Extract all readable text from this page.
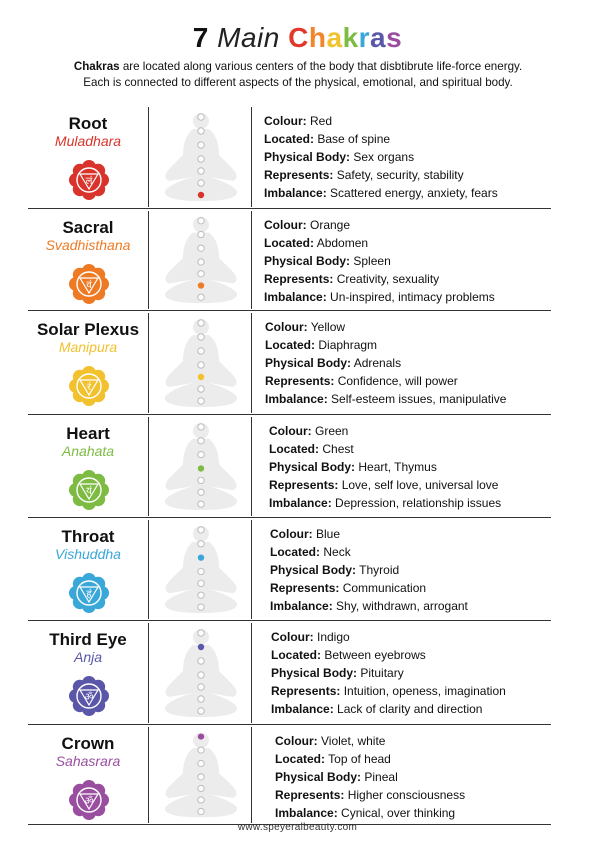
7 Main Chakras
Chakras are located along various centers of the body that disbtibrute life-force energy.
Each is connected to different aspects of the physical, emotional, and spiritual body.
Root
Muladhara
लं
Colour: Red
Located: Base of spine
Physical Body: Sex organs
Represents: Safety, security, stability
Imbalance: Scattered energy, anxiety, fears
Sacral
Svadhisthana
वं
Colour: Orange
Located: Abdomen
Physical Body: Spleen
Represents: Creativity, sexuality
Imbalance: Un-inspired, intimacy problems
Solar Plexus
Manipura
रं
Colour: Yellow
Located: Diaphragm
Physical Body: Adrenals
Represents: Confidence, will power
Imbalance: Self-esteem issues, manipulative
Heart
Anahata
यं
Colour: Green
Located: Chest
Physical Body: Heart, Thymus
Represents: Love, self love, universal love
Imbalance: Depression, relationship issues
Throat
Vishuddha
हं
Colour: Blue
Located: Neck
Physical Body: Thyroid
Represents: Communication
Imbalance: Shy, withdrawn, arrogant
Third Eye
Anja
ॐ
Colour: Indigo
Located: Between eyebrows
Physical Body: Pituitary
Represents: Intuition, openess, imagination
Imbalance: Lack of clarity and direction
Crown
Sahasrara
ॐ
Colour: Violet, white
Located: Top of head
Physical Body: Pineal
Represents: Higher consciousness
Imbalance: Cynical, over thinking
www.speyeralbeauty.com
